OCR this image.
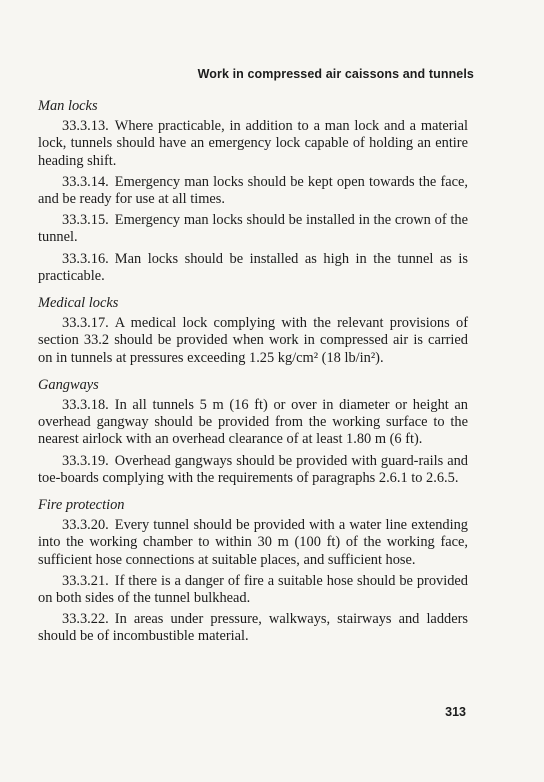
Work in compressed air caissons and tunnels
Man locks

33.3.13. Where practicable, in addition to a man lock and a material lock, tunnels should have an emergency lock capable of holding an entire heading shift.

33.3.14. Emergency man locks should be kept open towards the face, and be ready for use at all times.

33.3.15. Emergency man locks should be installed in the crown of the tunnel.

33.3.16. Man locks should be installed as high in the tunnel as is practicable.

Medical locks

33.3.17. A medical lock complying with the relevant provisions of section 33.2 should be provided when work in compressed air is carried on in tunnels at pressures exceeding 1.25 kg/cm² (18 lb/in²).

Gangways

33.3.18. In all tunnels 5 m (16 ft) or over in diameter or height an overhead gangway should be provided from the working surface to the nearest airlock with an overhead clearance of at least 1.80 m (6 ft).

33.3.19. Overhead gangways should be provided with guard-rails and toe-boards complying with the requirements of paragraphs 2.6.1 to 2.6.5.

Fire protection

33.3.20. Every tunnel should be provided with a water line extending into the working chamber to within 30 m (100 ft) of the working face, sufficient hose connections at suitable places, and sufficient hose.

33.3.21. If there is a danger of fire a suitable hose should be provided on both sides of the tunnel bulkhead.

33.3.22. In areas under pressure, walkways, stairways and ladders should be of incombustible material.

313
